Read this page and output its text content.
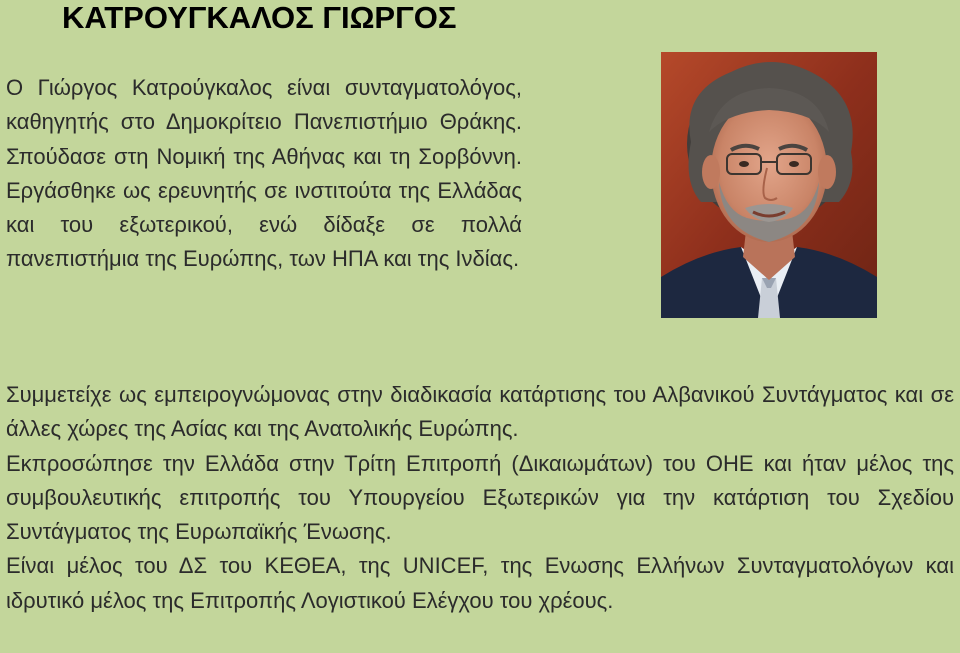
ΚΑΤΡΟΥΓΚΑΛΟΣ ΓΙΩΡΓΟΣ

Ο Γιώργος Κατρούγκαλος είναι συνταγματολόγος, καθηγητής στο Δημοκρίτειο Πανεπιστήμιο Θράκης. Σπούδασε στη Νομική της Αθήνας και τη Σορβόννη. Εργάσθηκε ως ερευνητής σε ινστιτούτα της Ελλάδας και του εξωτερικού, ενώ δίδαξε σε πολλά πανεπιστήμια της Ευρώπης, των ΗΠΑ και της Ινδίας.

Συμμετείχε ως εμπειρογνώμονας στην διαδικασία κατάρτισης του Αλβανικού Συντάγματος και σε άλλες χώρες της Ασίας και της Ανατολικής Ευρώπης.

Εκπροσώπησε την Ελλάδα στην Τρίτη Επιτροπή (Δικαιωμάτων) του ΟΗΕ και ήταν μέλος της συμβουλευτικής επιτροπής του Υπουργείου Εξωτερικών για την κατάρτιση του Σχεδίου Συντάγματος της Ευρωπαϊκής Ένωσης.

Είναι μέλος του ΔΣ του ΚΕΘΕΑ, της UNICEF, της Ενωσης Ελλήνων Συνταγματολόγων και ιδρυτικό μέλος της Επιτροπής Λογιστικού Ελέγχου του χρέους.
